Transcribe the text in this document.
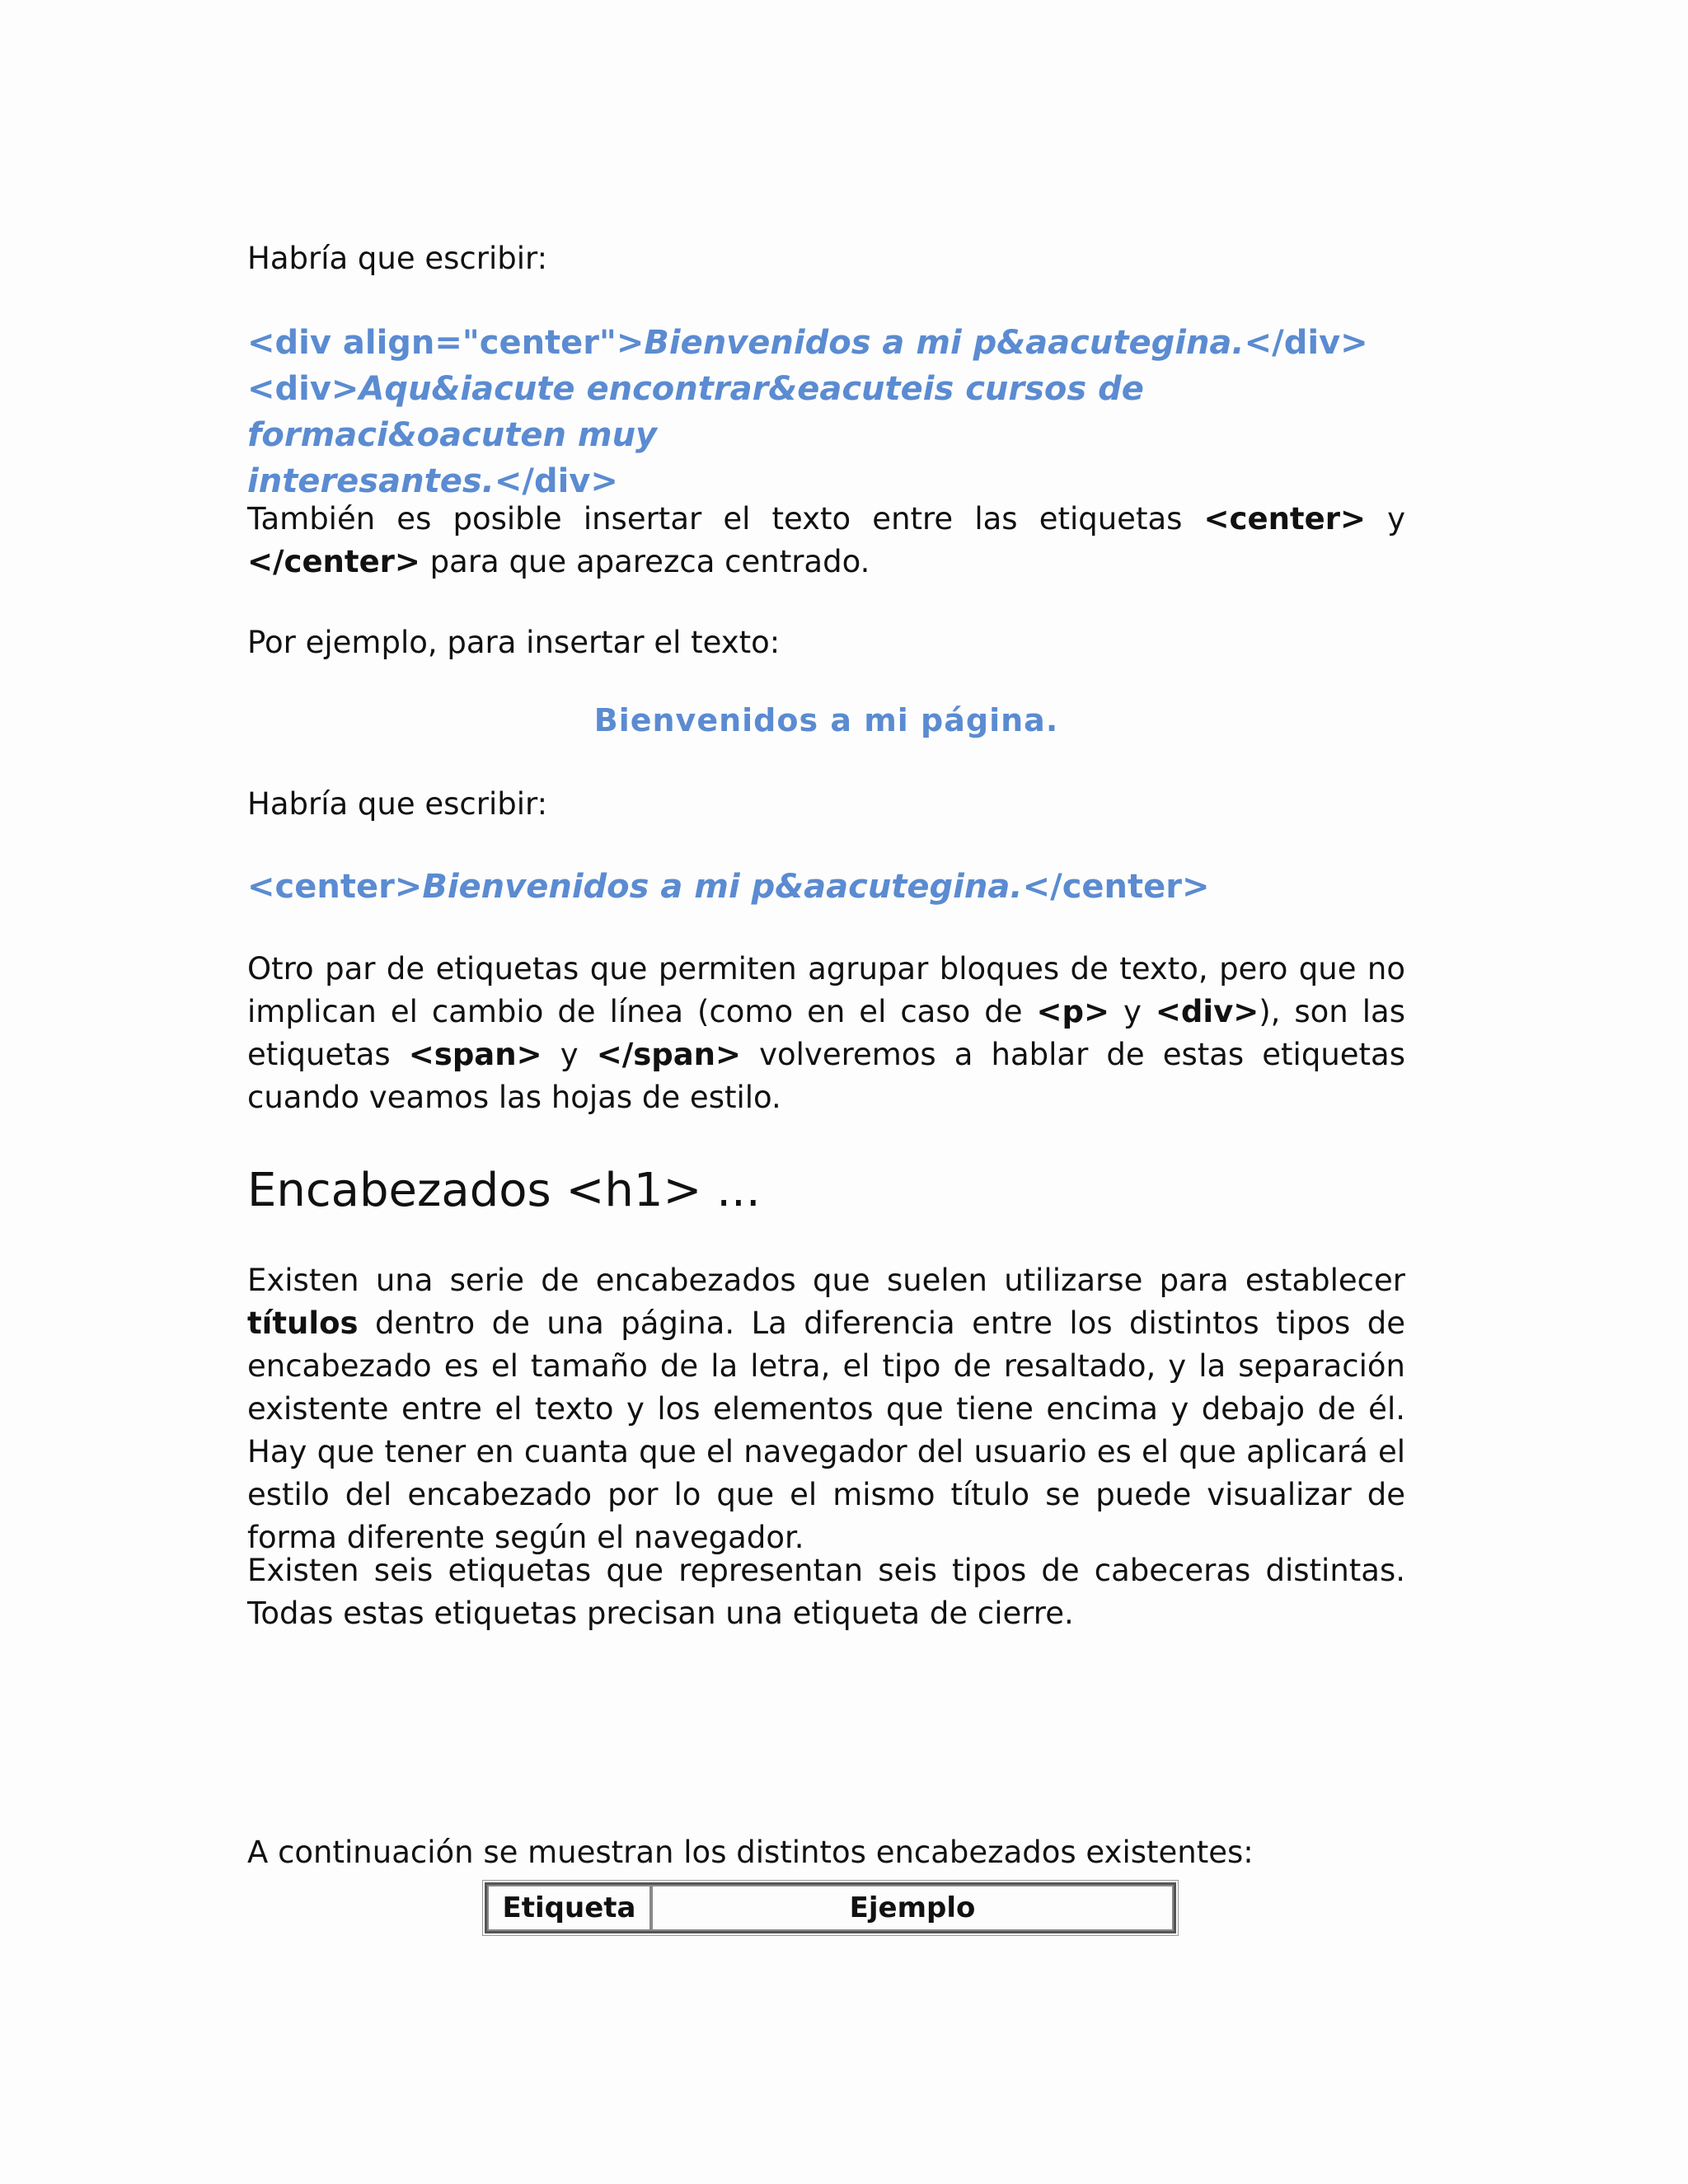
Habría que escribir:

<div align="center">Bienvenidos a mi p&aacutegina.</div>
<div>Aqu&iacute encontrar&eacuteis cursos de formaci&oacuten muy
interesantes.</div>

También es posible insertar el texto entre las etiquetas <center> y </center> para que aparezca centrado.

Por ejemplo, para insertar el texto:

Bienvenidos a mi página.

Habría que escribir:

<center>Bienvenidos a mi p&aacutegina.</center>

Otro par de etiquetas que permiten agrupar bloques de texto, pero que no implican el cambio de línea (como en el caso de <p> y <div>), son las etiquetas <span> y </span> volveremos a hablar de estas etiquetas cuando veamos las hojas de estilo.

Encabezados <h1> ...

Existen una serie de encabezados que suelen utilizarse para establecer títulos dentro de una página. La diferencia entre los distintos tipos de encabezado es el tamaño de la letra, el tipo de resaltado, y la separación existente entre el texto y los elementos que tiene encima y debajo de él. Hay que tener en cuanta que el navegador del usuario es el que aplicará el estilo del encabezado por lo que el mismo título se puede visualizar de forma diferente según el navegador.

Existen seis etiquetas que representan seis tipos de cabeceras distintas. Todas estas etiquetas precisan una etiqueta de cierre.

A continuación se muestran los distintos encabezados existentes:

Etiqueta	Ejemplo
